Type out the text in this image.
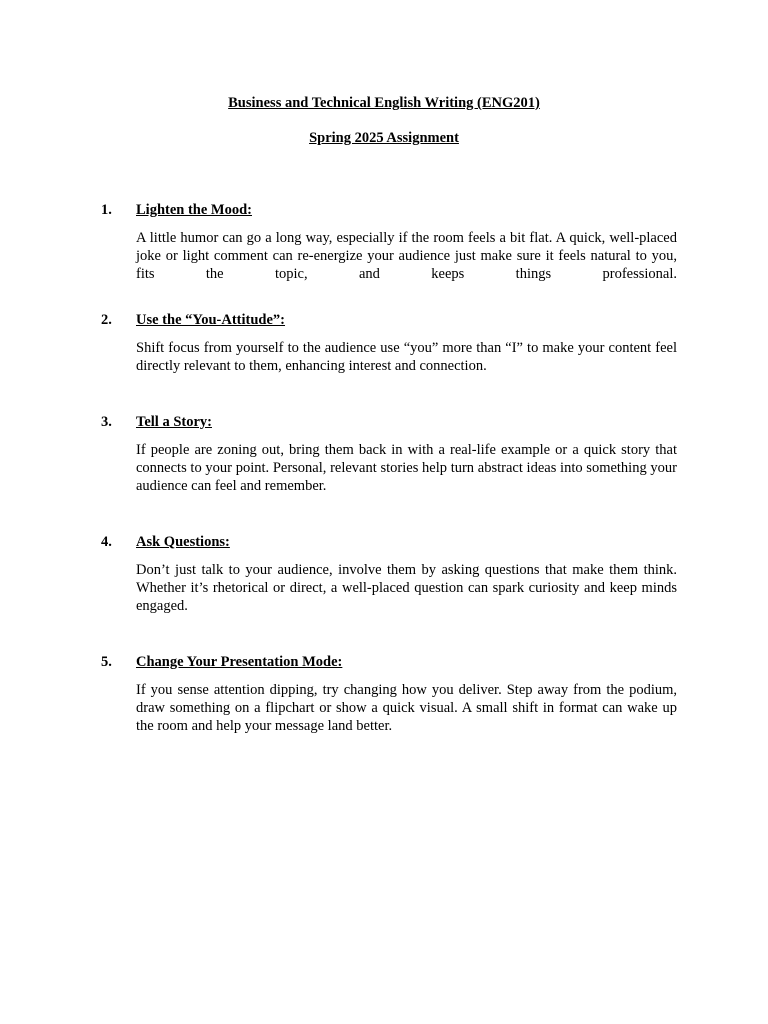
Business and Technical English Writing (ENG201)

Spring 2025 Assignment

1. Lighten the Mood:

A little humor can go a long way, especially if the room feels a bit flat. A quick, well-placed joke or light comment can re-energize your audience just make sure it feels natural to you, fits the topic, and keeps things professional.

2. Use the “You-Attitude”:

Shift focus from yourself to the audience use “you” more than “I” to make your content feel directly relevant to them, enhancing interest and connection.

3. Tell a Story:

If people are zoning out, bring them back in with a real-life example or a quick story that connects to your point. Personal, relevant stories help turn abstract ideas into something your audience can feel and remember.

4. Ask Questions:

Don’t just talk to your audience, involve them by asking questions that make them think. Whether it’s rhetorical or direct, a well-placed question can spark curiosity and keep minds engaged.

5. Change Your Presentation Mode:

If you sense attention dipping, try changing how you deliver. Step away from the podium, draw something on a flipchart or show a quick visual. A small shift in format can wake up the room and help your message land better.
